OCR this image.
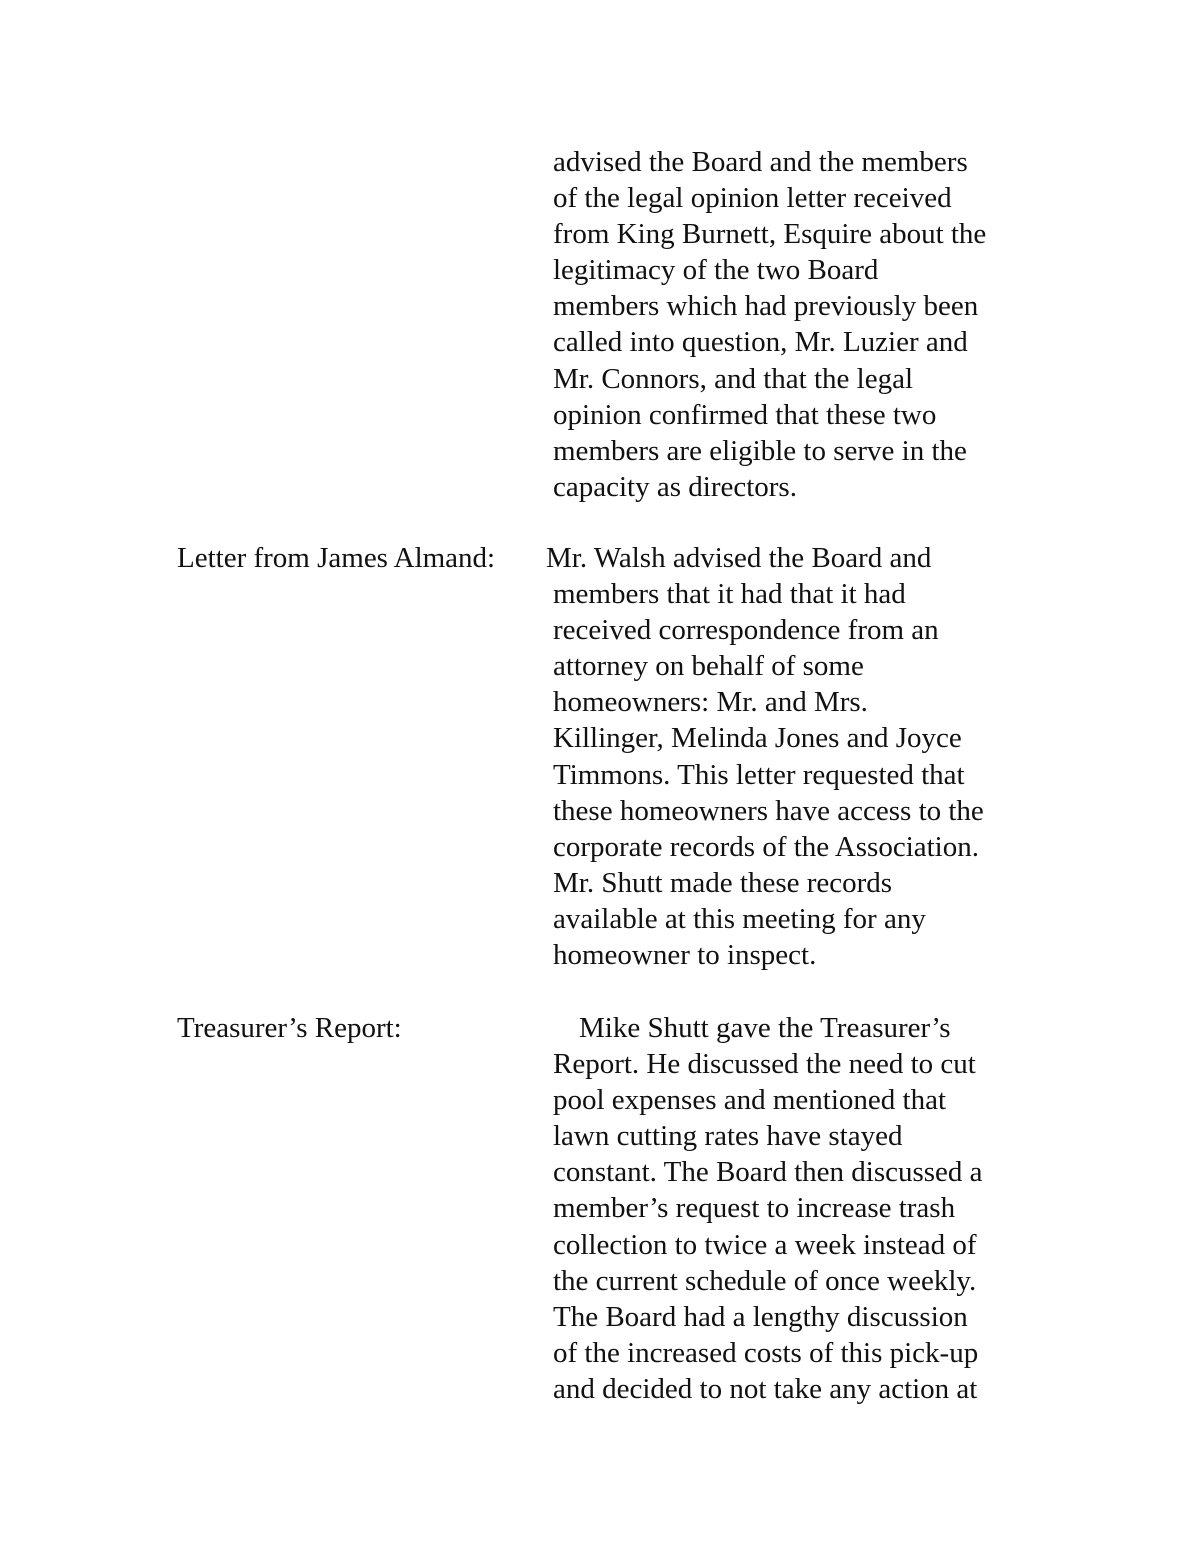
advised the Board and the members
of the legal opinion letter received
from King Burnett, Esquire about the
legitimacy of the two Board
members which had previously been
called into question, Mr. Luzier and
Mr. Connors, and that the legal
opinion confirmed that these two
members are eligible to serve in the
capacity as directors.
Letter from James Almand: Mr. Walsh advised the Board and
members that it had that it had
received correspondence from an
attorney on behalf of some
homeowners: Mr. and Mrs.
Killinger, Melinda Jones and Joyce
Timmons. This letter requested that
these homeowners have access to the
corporate records of the Association.
Mr. Shutt made these records
available at this meeting for any
homeowner to inspect.
Treasurer’s Report:	Mike Shutt gave the Treasurer’s
Report. He discussed the need to cut
pool expenses and mentioned that
lawn cutting rates have stayed
constant. The Board then discussed a
member’s request to increase trash
collection to twice a week instead of
the current schedule of once weekly.
The Board had a lengthy discussion
of the increased costs of this pick-up
and decided to not take any action at
